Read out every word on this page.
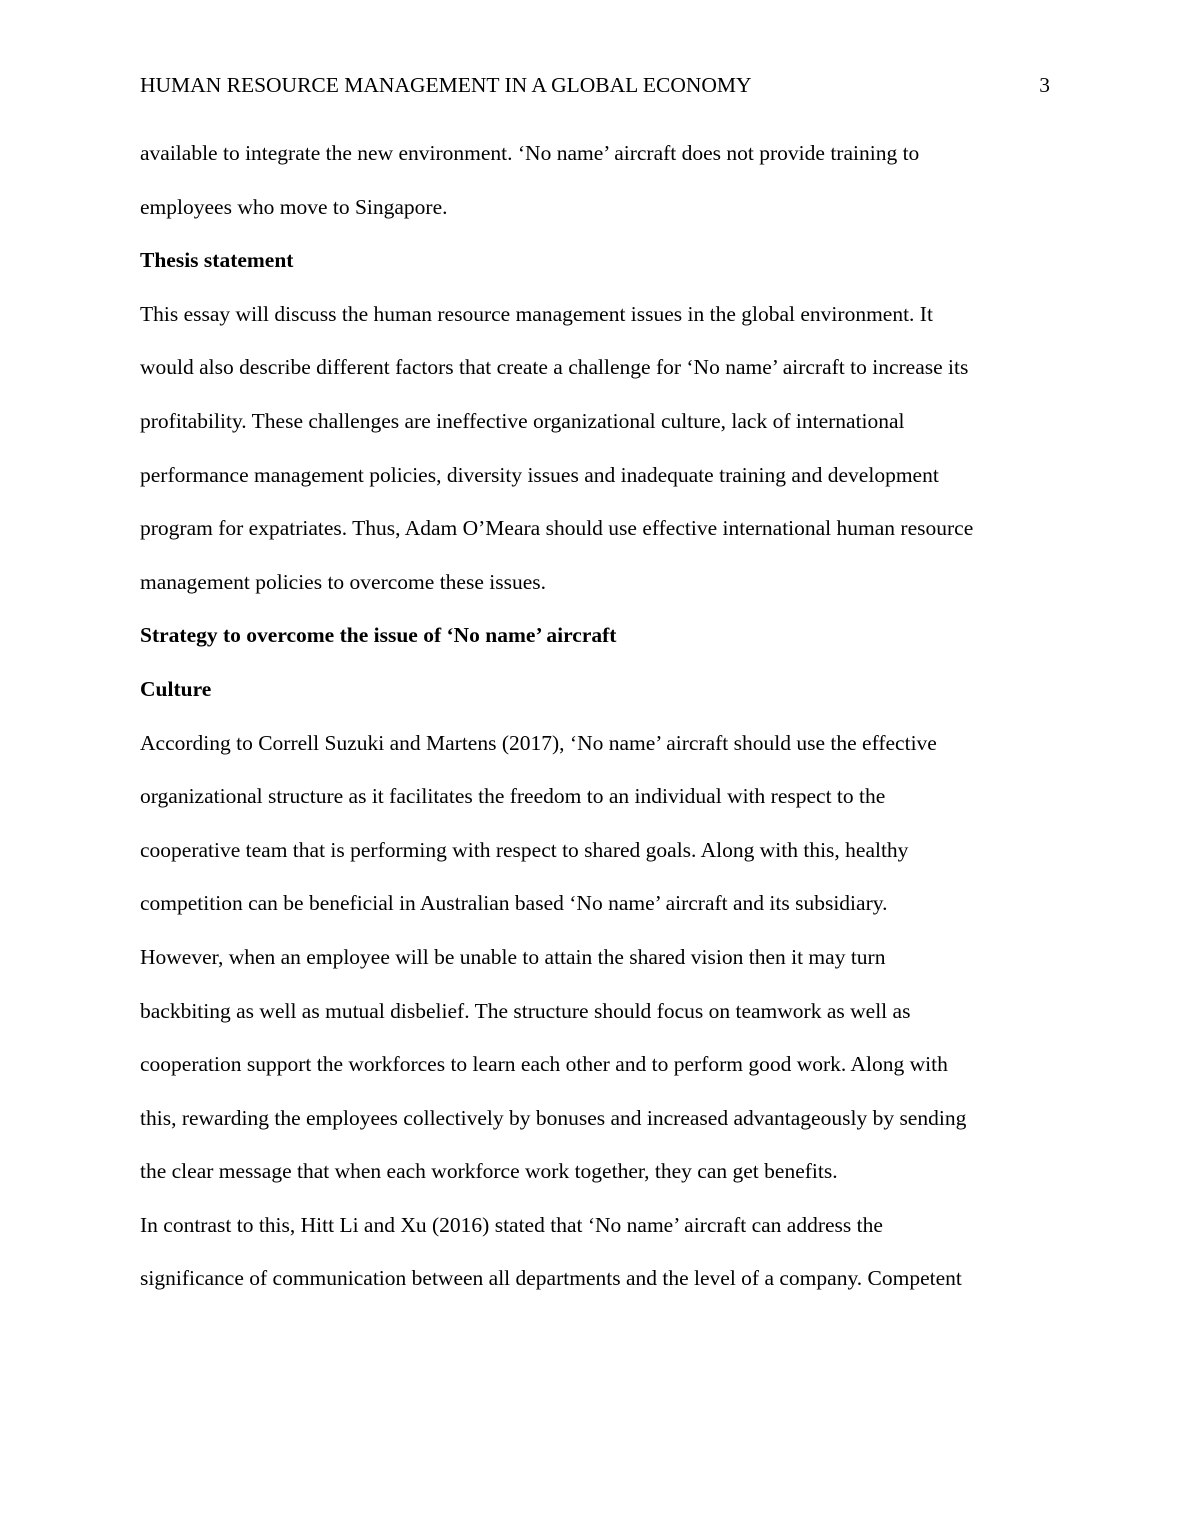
HUMAN RESOURCE MANAGEMENT IN A GLOBAL ECONOMY	3
available to integrate the new environment. ‘No name’ aircraft does not provide training to
employees who move to Singapore.
Thesis statement
This essay will discuss the human resource management issues in the global environment. It
would also describe different factors that create a challenge for ‘No name’ aircraft to increase its
profitability. These challenges are ineffective organizational culture, lack of international
performance management policies, diversity issues and inadequate training and development
program for expatriates. Thus, Adam O’Meara should use effective international human resource
management policies to overcome these issues.
Strategy to overcome the issue of ‘No name’ aircraft
Culture
According to Correll Suzuki and Martens (2017), ‘No name’ aircraft should use the effective
organizational structure as it facilitates the freedom to an individual with respect to the
cooperative team that is performing with respect to shared goals. Along with this, healthy
competition can be beneficial in Australian based ‘No name’ aircraft and its subsidiary.
However, when an employee will be unable to attain the shared vision then it may turn
backbiting as well as mutual disbelief. The structure should focus on teamwork as well as
cooperation support the workforces to learn each other and to perform good work. Along with
this, rewarding the employees collectively by bonuses and increased advantageously by sending
the clear message that when each workforce work together, they can get benefits.
In contrast to this, Hitt Li and Xu (2016) stated that ‘No name’ aircraft can address the
significance of communication between all departments and the level of a company. Competent
